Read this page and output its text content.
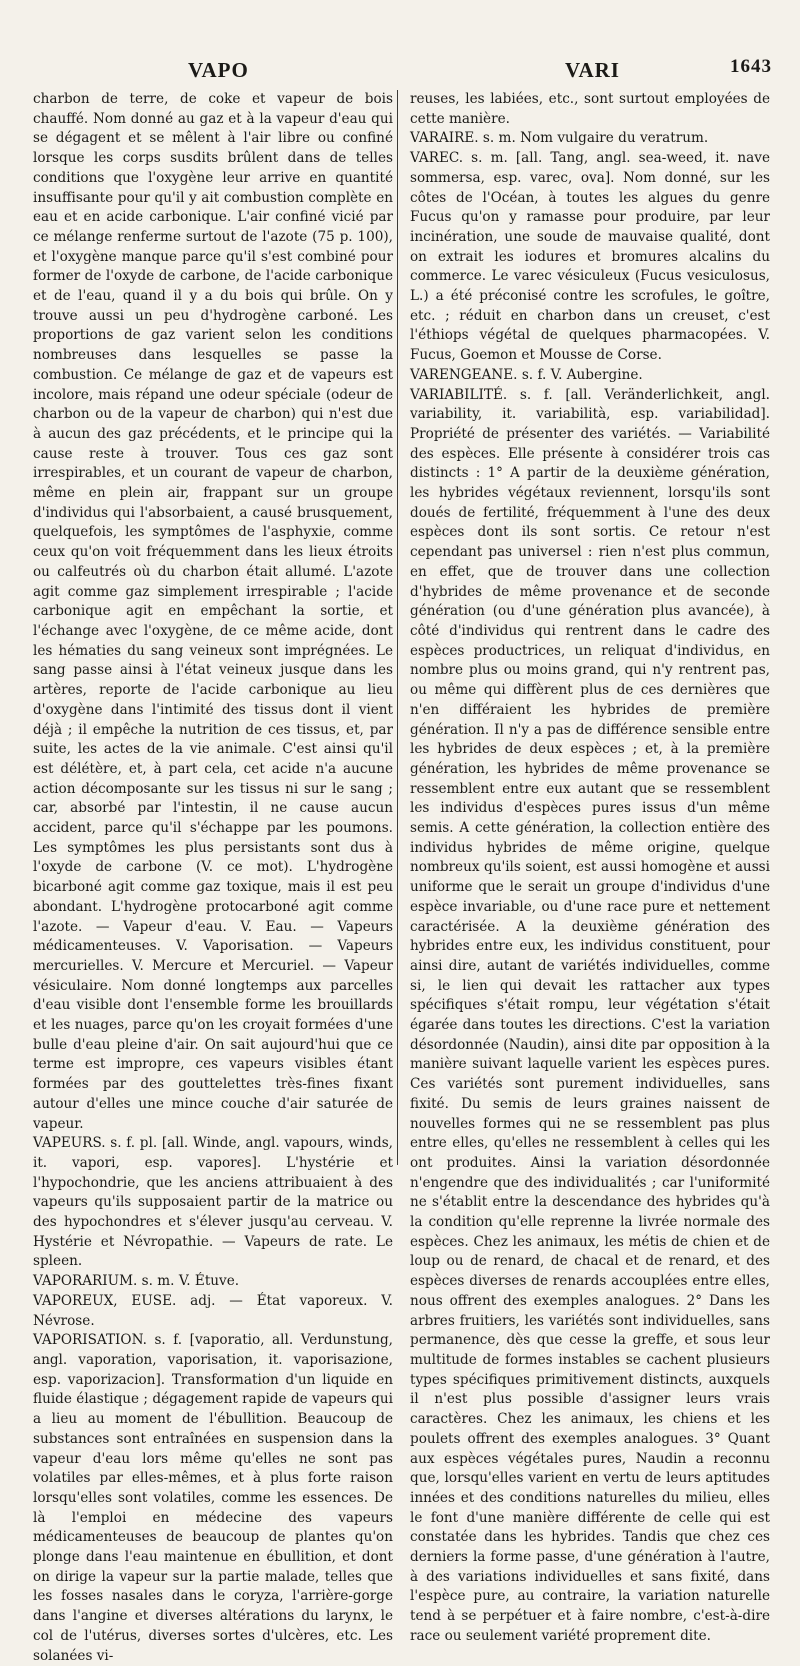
VAPO	VARI	1643

charbon de terre, de coke et vapeur de bois chauffé. Nom donné au gaz et à la vapeur d'eau qui se dégagent et se mêlent à l'air libre ou confiné lorsque les corps susdits brûlent dans de telles conditions que l'oxygène leur arrive en quantité insuffisante pour qu'il y ait combustion complète en eau et en acide carbonique. L'air confiné vicié par ce mélange renferme surtout de l'azote (75 p. 100), et l'oxygène manque parce qu'il s'est combiné pour former de l'oxyde de carbone, de l'acide carbonique et de l'eau, quand il y a du bois qui brûle. On y trouve aussi un peu d'hydrogène carboné. Les proportions de gaz varient selon les conditions nombreuses dans lesquelles se passe la combustion. Ce mélange de gaz et de vapeurs est incolore, mais répand une odeur spéciale (odeur de charbon ou de la vapeur de charbon) qui n'est due à aucun des gaz précédents, et le principe qui la cause reste à trouver. Tous ces gaz sont irrespirables, et un courant de vapeur de charbon, même en plein air, frappant sur un groupe d'individus qui l'absorbaient, a causé brusquement, quelquefois, les symptômes de l'asphyxie, comme ceux qu'on voit fréquemment dans les lieux étroits ou calfeutrés où du charbon était allumé. L'azote agit comme gaz simplement irrespirable ; l'acide carbonique agit en empêchant la sortie, et l'échange avec l'oxygène, de ce même acide, dont les hématies du sang veineux sont imprégnées. Le sang passe ainsi à l'état veineux jusque dans les artères, reporte de l'acide carbonique au lieu d'oxygène dans l'intimité des tissus dont il vient déjà ; il empêche la nutrition de ces tissus, et, par suite, les actes de la vie animale. C'est ainsi qu'il est délétère, et, à part cela, cet acide n'a aucune action décomposante sur les tissus ni sur le sang ; car, absorbé par l'intestin, il ne cause aucun accident, parce qu'il s'échappe par les poumons. Les symptômes les plus persistants sont dus à l'oxyde de carbone (V. ce mot). L'hydrogène bicarboné agit comme gaz toxique, mais il est peu abondant. L'hydrogène protocarboné agit comme l'azote. — Vapeur d'eau. V. Eau. — Vapeurs médicamenteuses. V. Vaporisation. — Vapeurs mercurielles. V. Mercure et Mercuriel. — Vapeur vésiculaire. Nom donné longtemps aux parcelles d'eau visible dont l'ensemble forme les brouillards et les nuages, parce qu'on les croyait formées d'une bulle d'eau pleine d'air. On sait aujourd'hui que ce terme est impropre, ces vapeurs visibles étant formées par des gouttelettes très-fines fixant autour d'elles une mince couche d'air saturée de vapeur.

VAPEURS. s. f. pl. [all. Winde, angl. vapours, winds, it. vapori, esp. vapores]. L'hystérie et l'hypochondrie, que les anciens attribuaient à des vapeurs qu'ils supposaient partir de la matrice ou des hypochondres et s'élever jusqu'au cerveau. V. Hystérie et Névropathie. — Vapeurs de rate. Le spleen.

VAPORARIUM. s. m. V. Étuve.

VAPOREUX, EUSE. adj. — État vaporeux. V. Névrose.

VAPORISATION. s. f. [vaporatio, all. Verdunstung, angl. vaporation, vaporisation, it. vaporisazione, esp. vaporizacion]. Transformation d'un liquide en fluide élastique ; dégagement rapide de vapeurs qui a lieu au moment de l'ébullition. Beaucoup de substances sont entraînées en suspension dans la vapeur d'eau lors même qu'elles ne sont pas volatiles par elles-mêmes, et à plus forte raison lorsqu'elles sont volatiles, comme les essences. De là l'emploi en médecine des vapeurs médicamenteuses de beaucoup de plantes qu'on plonge dans l'eau maintenue en ébullition, et dont on dirige la vapeur sur la partie malade, telles que les fosses nasales dans le coryza, l'arrière-gorge dans l'angine et diverses altérations du larynx, le col de l'utérus, diverses sortes d'ulcères, etc. Les solanées vi-

reuses, les labiées, etc., sont surtout employées de cette manière.

VARAIRE. s. m. Nom vulgaire du veratrum.

VAREC. s. m. [all. Tang, angl. sea-weed, it. nave sommersa, esp. varec, ova]. Nom donné, sur les côtes de l'Océan, à toutes les algues du genre Fucus qu'on y ramasse pour produire, par leur incinération, une soude de mauvaise qualité, dont on extrait les iodures et bromures alcalins du commerce. Le varec vésiculeux (Fucus vesiculosus, L.) a été préconisé contre les scrofules, le goître, etc. ; réduit en charbon dans un creuset, c'est l'éthiops végétal de quelques pharmacopées. V. Fucus, Goemon et Mousse de Corse.

VARENGEANE. s. f. V. Aubergine.

VARIABILITÉ. s. f. [all. Veränderlichkeit, angl. variability, it. variabilità, esp. variabilidad]. Propriété de présenter des variétés. — Variabilité des espèces. Elle présente à considérer trois cas distincts : 1° A partir de la deuxième génération, les hybrides végétaux reviennent, lorsqu'ils sont doués de fertilité, fréquemment à l'une des deux espèces dont ils sont sortis. Ce retour n'est cependant pas universel : rien n'est plus commun, en effet, que de trouver dans une collection d'hybrides de même provenance et de seconde génération (ou d'une génération plus avancée), à côté d'individus qui rentrent dans le cadre des espèces productrices, un reliquat d'individus, en nombre plus ou moins grand, qui n'y rentrent pas, ou même qui diffèrent plus de ces dernières que n'en différaient les hybrides de première génération. Il n'y a pas de différence sensible entre les hybrides de deux espèces ; et, à la première génération, les hybrides de même provenance se ressemblent entre eux autant que se ressemblent les individus d'espèces pures issus d'un même semis. A cette génération, la collection entière des individus hybrides de même origine, quelque nombreux qu'ils soient, est aussi homogène et aussi uniforme que le serait un groupe d'individus d'une espèce invariable, ou d'une race pure et nettement caractérisée. A la deuxième génération des hybrides entre eux, les individus constituent, pour ainsi dire, autant de variétés individuelles, comme si, le lien qui devait les rattacher aux types spécifiques s'était rompu, leur végétation s'était égarée dans toutes les directions. C'est la variation désordonnée (Naudin), ainsi dite par opposition à la manière suivant laquelle varient les espèces pures. Ces variétés sont purement individuelles, sans fixité. Du semis de leurs graines naissent de nouvelles formes qui ne se ressemblent pas plus entre elles, qu'elles ne ressemblent à celles qui les ont produites. Ainsi la variation désordonnée n'engendre que des individualités ; car l'uniformité ne s'établit entre la descendance des hybrides qu'à la condition qu'elle reprenne la livrée normale des espèces. Chez les animaux, les métis de chien et de loup ou de renard, de chacal et de renard, et des espèces diverses de renards accouplées entre elles, nous offrent des exemples analogues. 2° Dans les arbres fruitiers, les variétés sont individuelles, sans permanence, dès que cesse la greffe, et sous leur multitude de formes instables se cachent plusieurs types spécifiques primitivement distincts, auxquels il n'est plus possible d'assigner leurs vrais caractères. Chez les animaux, les chiens et les poulets offrent des exemples analogues. 3° Quant aux espèces végétales pures, Naudin a reconnu que, lorsqu'elles varient en vertu de leurs aptitudes innées et des conditions naturelles du milieu, elles le font d'une manière différente de celle qui est constatée dans les hybrides. Tandis que chez ces derniers la forme passe, d'une génération à l'autre, à des variations individuelles et sans fixité, dans l'espèce pure, au contraire, la variation naturelle tend à se perpétuer et à faire nombre, c'est-à-dire race ou seulement variété proprement dite.
